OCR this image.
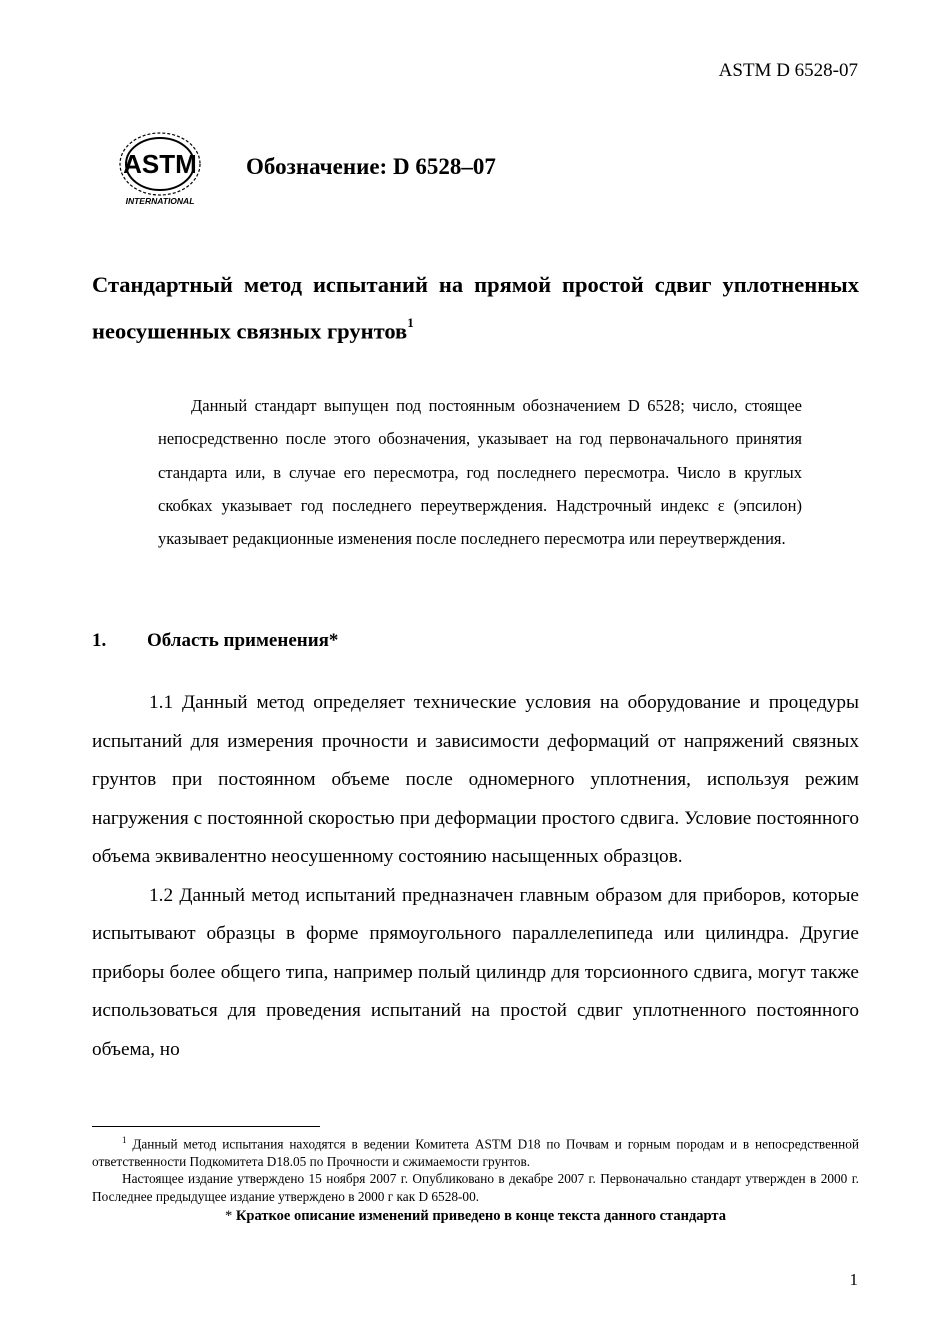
ASTM D 6528-07
ASTM
INTERNATIONAL
Обозначение: D 6528–07
Стандартный метод испытаний на прямой простой сдвиг уплотненных неосушенных связных грунтов$^1$
Данный стандарт выпущен под постоянным обозначением D 6528; число, стоящее непосредственно после этого обозначения, указывает на год первоначального принятия стандарта или, в случае его пересмотра, год последнего пересмотра. Число в круглых скобках указывает год последнего переутверждения. Надстрочный индекс ε (эпсилон) указывает редакционные изменения после последнего пересмотра или переутверждения.
1. Область применения*

1.1 Данный метод определяет технические условия на оборудование и процедуры испытаний для измерения прочности и зависимости деформаций от напряжений связных грунтов при постоянном объеме после одномерного уплотнения, используя режим нагружения с постоянной скоростью при деформации простого сдвига. Условие постоянного объема эквивалентно неосушенному состоянию насыщенных образцов.

1.2 Данный метод испытаний предназначен главным образом для приборов, которые испытывают образцы в форме прямоугольного параллелепипеда или цилиндра. Другие приборы более общего типа, например полый цилиндр для торсионного сдвига, могут также использоваться для проведения испытаний на простой сдвиг уплотненного постоянного объема, но

$^1$ Данный метод испытания находятся в ведении Комитета ASTM D18 по Почвам и горным породам и в непосредственной ответственности Подкомитета D18.05 по Прочности и сжимаемости грунтов.

Настоящее издание утверждено 15 ноября 2007 г. Опубликовано в декабре 2007 г. Первоначально стандарт утвержден в 2000 г. Последнее предыдущее издание утверждено в 2000 г как D 6528-00.

* Краткое описание изменений приведено в конце текста данного стандарта

1
